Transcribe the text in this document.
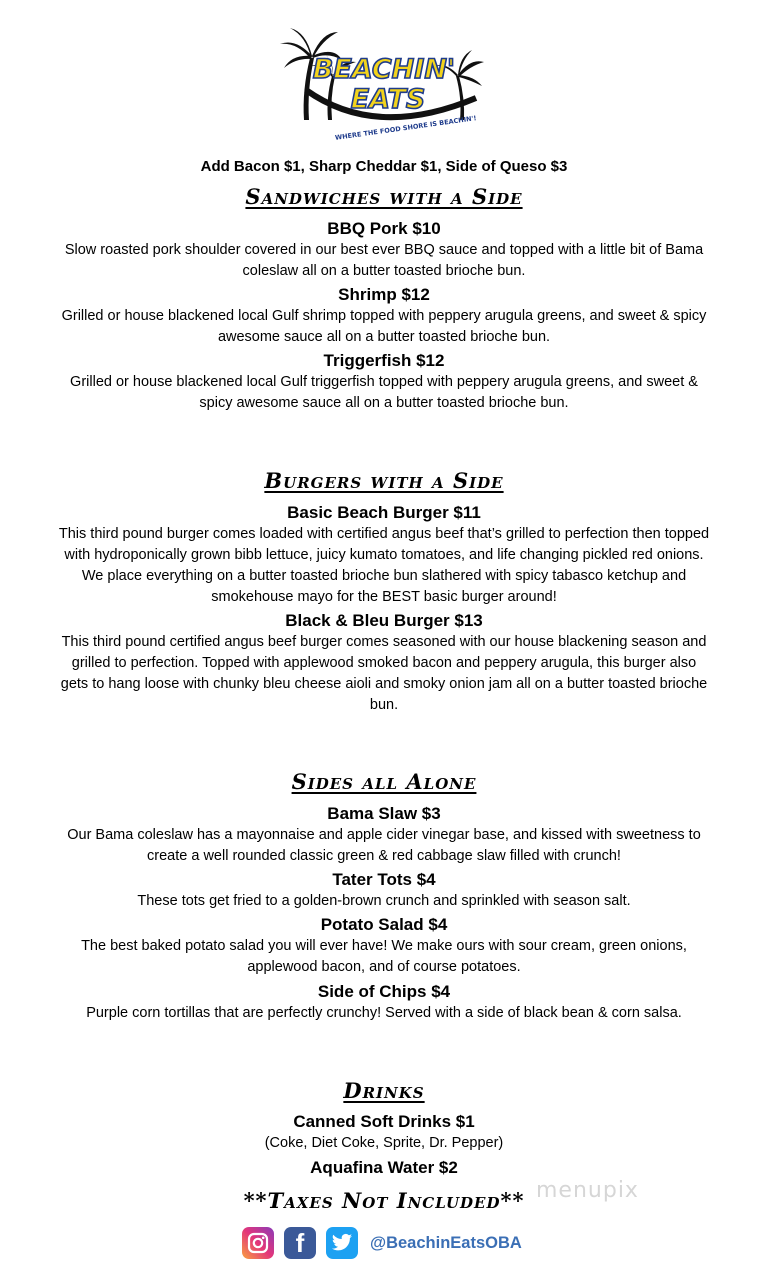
BEACHIN'
EATS
WHERE THE FOOD SHORE IS BEACHIN'!
Add Bacon $1, Sharp Cheddar $1, Side of Queso $3
Sandwiches with a Side
BBQ Pork $10
Slow roasted pork shoulder covered in our best ever BBQ sauce and topped with a little bit of Bama
coleslaw all on a butter toasted brioche bun.
Shrimp $12
Grilled or house blackened local Gulf shrimp topped with peppery arugula greens, and sweet & spicy
awesome sauce all on a butter toasted brioche bun.
Triggerfish $12
Grilled or house blackened local Gulf triggerfish topped with peppery arugula greens, and sweet &
spicy awesome sauce all on a butter toasted brioche bun.
Burgers with a Side
Basic Beach Burger $11
This third pound burger comes loaded with certified angus beef that’s grilled to perfection then topped
with hydroponically grown bibb lettuce, juicy kumato tomatoes, and life changing pickled red onions.
We place everything on a butter toasted brioche bun slathered with spicy tabasco ketchup and
smokehouse mayo for the BEST basic burger around!
Black & Bleu Burger $13
This third pound certified angus beef burger comes seasoned with our house blackening season and
grilled to perfection. Topped with applewood smoked bacon and peppery arugula, this burger also
gets to hang loose with chunky bleu cheese aioli and smoky onion jam all on a butter toasted brioche
bun.
Sides all Alone
Bama Slaw $3
Our Bama coleslaw has a mayonnaise and apple cider vinegar base, and kissed with sweetness to
create a well rounded classic green & red cabbage slaw filled with crunch!
Tater Tots $4
These tots get fried to a golden-brown crunch and sprinkled with season salt.
Potato Salad $4
The best baked potato salad you will ever have! We make ours with sour cream, green onions,
applewood bacon, and of course potatoes.
Side of Chips $4
Purple corn tortillas that are perfectly crunchy! Served with a side of black bean & corn salsa.
Drinks
Canned Soft Drinks $1
(Coke, Diet Coke, Sprite, Dr. Pepper)
Aquafina Water $2
**Taxes Not Included** menupix
f	@BeachinEatsOBA
